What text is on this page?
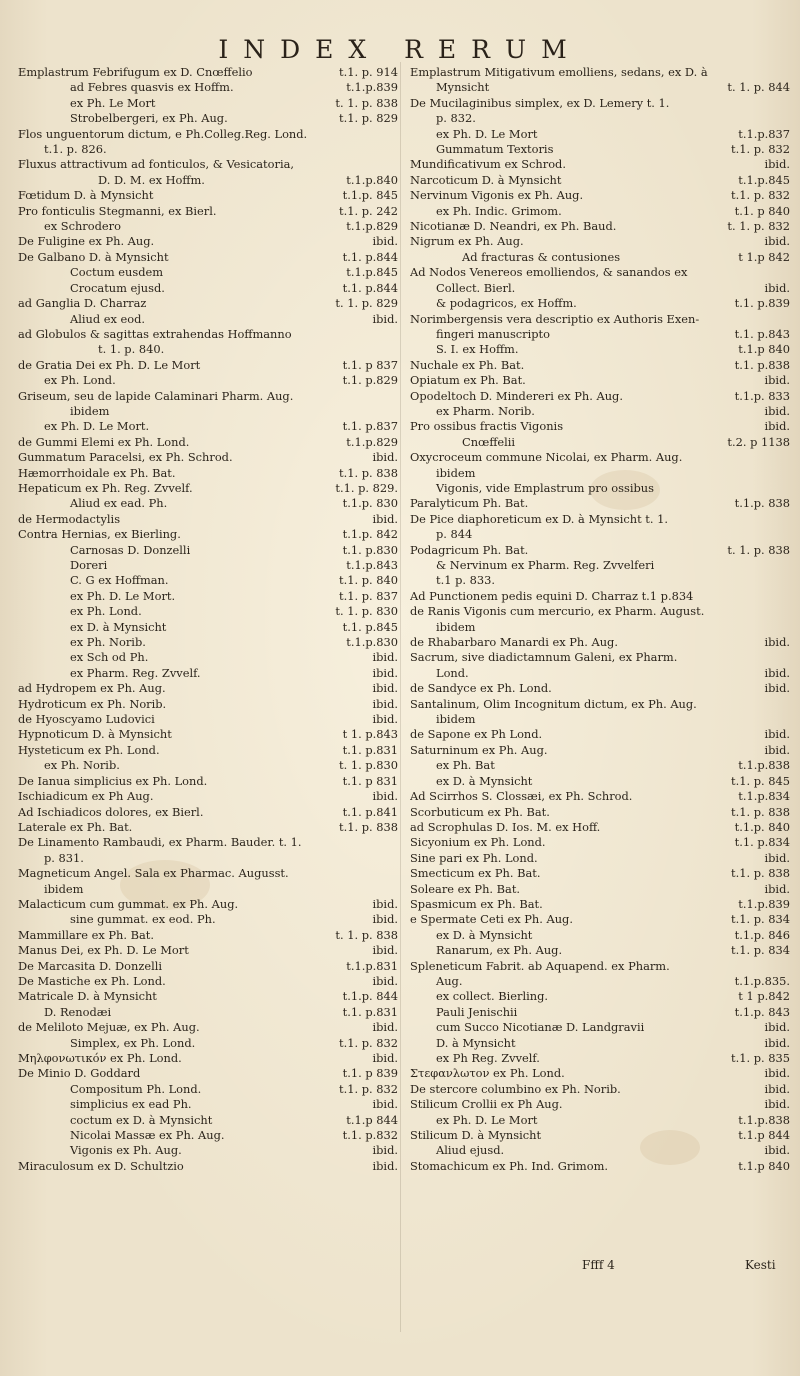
INDEX RERUM
Emplastrum Febrifugum ex D. Cnœffelio	t.1. p. 914
ad Febres quasvis ex Hoffm.	t.1.p.839
ex Ph. Le Mort	t. 1. p. 838
Strobelbergeri, ex Ph. Aug.	t.1. p. 829
Flos unguentorum dictum, e Ph.Colleg.Reg. Lond.
t.1. p. 826.
Fluxus attractivum ad fonticulos, & Vesicatoria,
D. D. M. ex Hoffm.	t.1.p.840
Fœtidum D. à Mynsicht	t.1.p. 845
Pro fonticulis Stegmanni, ex Bierl.	t.1. p. 242
ex Schrodero	t.1.p.829
De Fuligine ex Ph. Aug.	ibid.
De Galbano D. à Mynsicht	t.1. p.844
Coctum eusdem	t.1.p.845
Crocatum ejusd.	t.1. p.844
ad Ganglia D. Charraz	t. 1. p. 829
Aliud ex eod.	ibid.
ad Globulos & sagittas extrahendas Hoffmanno
t. 1. p. 840.
de Gratia Dei ex Ph. D. Le Mort	t.1. p 837
ex Ph. Lond.	t.1. p.829
Griseum, seu de lapide Calaminari Pharm. Aug.
ibidem
ex Ph. D. Le Mort.	t.1. p.837
de Gummi Elemi ex Ph. Lond.	t.1.p.829
Gummatum Paracelsi, ex Ph. Schrod.	ibid.
Hæmorrhoidale ex Ph. Bat.	t.1. p. 838
Hepaticum ex Ph. Reg. Zvvelf.	t.1. p. 829.
Aliud ex ead. Ph.	t.1.p. 830
de Hermodactylis	ibid.
Contra Hernias, ex Bierling.	t.1.p. 842
Carnosas D. Donzelli	t.1. p.830
Doreri	t.1.p.843
C. G ex Hoffman.	t.1. p. 840
ex Ph. D. Le Mort.	t.1. p. 837
ex Ph. Lond.	t. 1. p. 830
ex D. à Mynsicht	t.1. p.845
ex Ph. Norib.	t.1.p.830
ex Sch od Ph.	ibid.
ex Pharm. Reg. Zvvelf.	ibid.
ad Hydropem ex Ph. Aug.	ibid.
Hydroticum ex Ph. Norib.	ibid.
de Hyoscyamo Ludovici	ibid.
Hypnoticum D. à Mynsicht	t 1. p.843
Hysteticum ex Ph. Lond.	t.1. p.831
ex Ph. Norib.	t. 1. p.830
De Ianua simplicius ex Ph. Lond.	t.1. p 831
Ischiadicum ex Ph Aug.	ibid.
Ad Ischiadicos dolores, ex Bierl.	t.1. p.841
Laterale ex Ph. Bat.	t.1. p. 838
De Linamento Rambaudi, ex Pharm. Bauder. t. 1.
p. 831.
Magneticum Angel. Sala ex Pharmac. Augusst.
ibidem
Malacticum cum gummat. ex Ph. Aug.	ibid.
sine gummat. ex eod. Ph.	ibid.
Mammillare ex Ph. Bat.	t. 1. p. 838
Manus Dei, ex Ph. D. Le Mort	ibid.
De Marcasita D. Donzelli	t.1.p.831
De Mastiche ex Ph. Lond.	ibid.
Matricale D. à Mynsicht	t.1.p. 844
D. Renodæi	t.1. p.831
de Meliloto Mejuæ, ex Ph. Aug.	ibid.
Simplex, ex Ph. Lond.	t.1. p. 832
Μηλφονωτικόν ex Ph. Lond.	ibid.
De Minio D. Goddard	t.1. p 839
Compositum Ph. Lond.	t.1. p. 832
simplicius ex ead Ph.	ibid.
coctum ex D. à Mynsicht	t.1.p 844
Nicolai Massæ ex Ph. Aug.	t.1. p.832
Vigonis ex Ph. Aug.	ibid.
Miraculosum ex D. Schultzio	ibid.
Emplastrum Mitigativum emolliens, sedans, ex D. à
Mynsicht	t. 1. p. 844
De Mucilaginibus simplex, ex D. Lemery t. 1.
p. 832.
ex Ph. D. Le Mort	t.1.p.837
Gummatum Textoris	t.1. p. 832
Mundificativum ex Schrod.	ibid.
Narcoticum D. à Mynsicht	t.1.p.845
Nervinum Vigonis ex Ph. Aug.	t.1. p. 832
ex Ph. Indic. Grimom.	t.1. p 840
Nicotianæ D. Neandri, ex Ph. Baud.	t. 1. p. 832
Nigrum ex Ph. Aug.	ibid.
Ad fracturas & contusiones	t 1.p 842
Ad Nodos Venereos emolliendos, & sanandos ex
Collect. Bierl.	ibid.
& podagricos, ex Hoffm.	t.1. p.839
Norimbergensis vera descriptio ex Authoris Exen-
fingeri manuscripto	t.1. p.843
S. I. ex Hoffm.	t.1.p 840
Nuchale ex Ph. Bat.	t.1. p.838
Opiatum ex Ph. Bat.	ibid.
Opodeltoch D. Mindereri ex Ph. Aug.	t.1.p. 833
ex Pharm. Norib.	ibid.
Pro ossibus fractis Vigonis	ibid.
Cnœffelii	t.2. p 1138
Oxycroceum commune Nicolai, ex Pharm. Aug.
ibidem
Vigonis, vide Emplastrum pro ossibus
Paralyticum Ph. Bat.	t.1.p. 838
De Pice diaphoreticum ex D. à Mynsicht t. 1.
p. 844
Podagricum Ph. Bat.	t. 1. p. 838
& Nervinum ex Pharm. Reg. Zvvelferi
t.1 p. 833.
Ad Punctionem pedis equini D. Charraz t.1 p.834
de Ranis Vigonis cum mercurio, ex Pharm. August.
ibidem
de Rhabarbaro Manardi ex Ph. Aug.	ibid.
Sacrum, sive diadictamnum Galeni, ex Pharm.
Lond.	ibid.
de Sandyce ex Ph. Lond.	ibid.
Santalinum, Olim Incognitum dictum, ex Ph. Aug.
ibidem
de Sapone ex Ph Lond.	ibid.
Saturninum ex Ph. Aug.	ibid.
ex Ph. Bat	t.1.p.838
ex D. à Mynsicht	t.1. p. 845
Ad Scirrhos S. Clossæi, ex Ph. Schrod.	t.1.p.834
Scorbuticum ex Ph. Bat.	t.1. p. 838
ad Scrophulas D. Ios. M. ex Hoff.	t.1.p. 840
Sicyonium ex Ph. Lond.	t.1. p.834
Sine pari ex Ph. Lond.	ibid.
Smecticum ex Ph. Bat.	t.1. p. 838
Soleare ex Ph. Bat.	ibid.
Spasmicum ex Ph. Bat.	t.1.p.839
e Spermate Ceti ex Ph. Aug.	t.1. p. 834
ex D. à Mynsicht	t.1.p. 846
Ranarum, ex Ph. Aug.	t.1. p. 834
Spleneticum Fabrit. ab Aquapend. ex Pharm.
Aug.	t.1.p.835.
ex collect. Bierling.	t 1 p.842
Pauli Jenischii	t.1.p. 843
cum Succo Nicotianæ D. Landgravii	ibid.
D. à Mynsicht	ibid.
ex Ph Reg. Zvvelf.	t.1. p. 835
Στεφανλωτον ex Ph. Lond.	ibid.
De stercore columbino ex Ph. Norib.	ibid.
Stilicum Crollii ex Ph Aug.	ibid.
ex Ph. D. Le Mort	t.1.p.838
Stilicum D. à Mynsicht	t.1.p 844
Aliud ejusd.	ibid.
Stomachicum ex Ph. Ind. Grimom.	t.1.p 840
Ffff 4	Kesti
